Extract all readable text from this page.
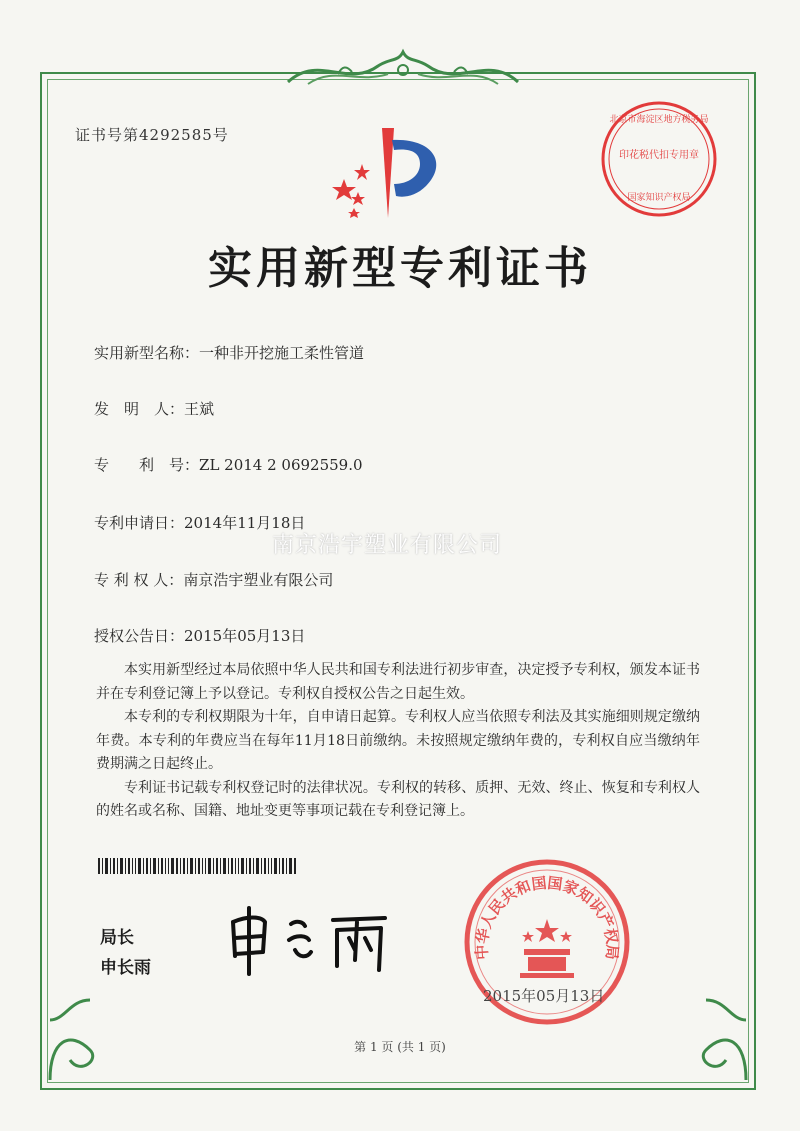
证书号第4292585号
北京市海淀区地方税务局
印花税代扣专用章
国家知识产权局
实用新型专利证书
实用新型名称：一种非开挖施工柔性管道
发　明　人：王斌
专　　利　号：ZL 2014 2 0692559.0
专利申请日：2014年11月18日
专 利 权 人：南京浩宇塑业有限公司
授权公告日：2015年05月13日
南京浩宇塑业有限公司

本实用新型经过本局依照中华人民共和国专利法进行初步审查，决定授予专利权，颁发本证书并在专利登记簿上予以登记。专利权自授权公告之日起生效。

本专利的专利权期限为十年，自申请日起算。专利权人应当依照专利法及其实施细则规定缴纳年费。本专利的年费应当在每年11月18日前缴纳。未按照规定缴纳年费的，专利权自应当缴纳年费期满之日起终止。

专利证书记载专利权登记时的法律状况。专利权的转移、质押、无效、终止、恢复和专利权人的姓名或名称、国籍、地址变更等事项记载在专利登记簿上。

局长
申长雨
中华人民共和国国家知识产权局
2015年05月13日
第 1 页 (共 1 页)
